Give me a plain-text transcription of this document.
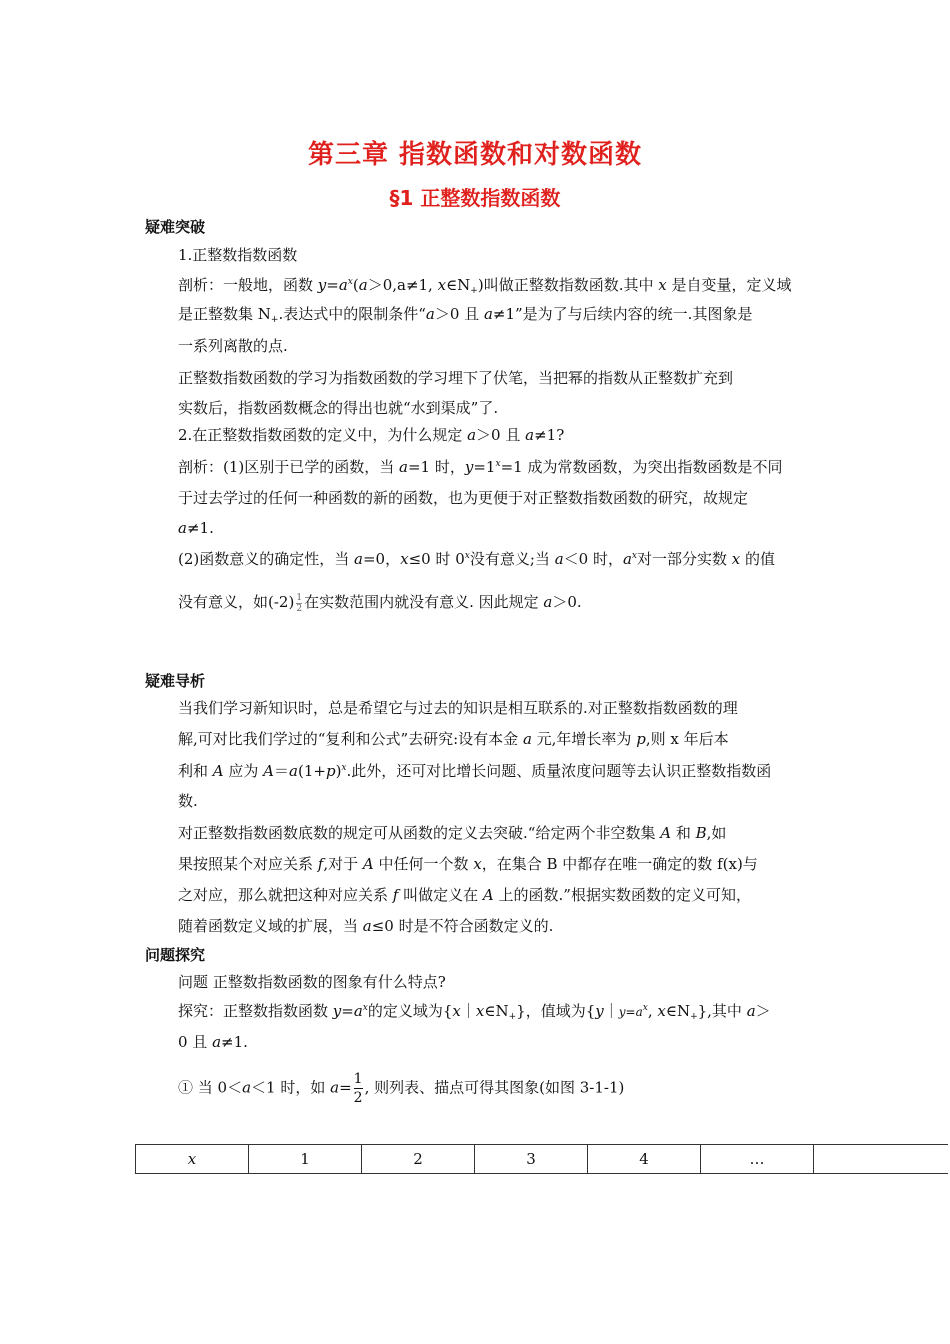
第三章 指数函数和对数函数
§1 正整数指数函数
疑难突破
1.正整数指数函数
剖析：一般地，函数 $y=a^x(a>0,a\ne 1$, $x\in N_+$)叫做正整数指数函数.其中 x 是自变量，定义域
是正整数集 $N_+$.表达式中的限制条件“a＞0 且 a≠1”是为了与后续内容的统一.其图象是
一系列离散的点.
正整数指数函数的学习为指数函数的学习埋下了伏笔，当把幂的指数从正整数扩充到
实数后，指数函数概念的得出也就“水到渠成”了.
2.在正整数指数函数的定义中，为什么规定 a＞0 且 a≠1?
剖析：(1)区别于已学的函数，当 a=1 时，$y=1^x=1$ 成为常数函数，为突出指数函数是不同
于过去学过的任何一种函数的新的函数，也为更便于对正整数指数函数的研究，故规定
a≠1.
(2)函数意义的确定性，当 a=0，x≤0 时 0$^x$没有意义;当 a＜0 时，$a^x$对一部分实数 x 的值
没有意义，如$(-2) \frac{1}{2}$ 在实数范围内就没有意义. 因此规定 a＞0.
疑难导析
当我们学习新知识时，总是希望它与过去的知识是相互联系的.对正整数指数函数的理
解,可对比我们学过的“复利和公式”去研究:设有本金 a 元,年增长率为 p,则 x 年后本
利和 A 应为 $A=a(1+p)^x$.此外，还可对比增长问题、质量浓度问题等去认识正整数指数函
数.
对正整数指数函数底数的规定可从函数的定义去突破.“给定两个非空数集 A 和 B,如
果按照某个对应关系 f,对于 A 中任何一个数 x，在集合 B 中都存在唯一确定的数 f(x)与
之对应，那么就把这种对应关系 f 叫做定义在 A 上的函数.”根据实数函数的定义可知，
随着函数定义域的扩展，当 a≤0 时是不符合函数定义的.
问题探究
问题 正整数指数函数的图象有什么特点?
探究：正整数指数函数 $y=a^x$的定义域为$\{x|x\in N_+\}$，值域为{$y|y=a^x$, $x\in N_+$},其中 a＞
0 且 a≠1.
① 当 0＜a＜1 时，如 $a= \frac{1}{2}$ , 则列表、描点可得其图象(如图 3-1-1)
x	1	2	3	4	…	
